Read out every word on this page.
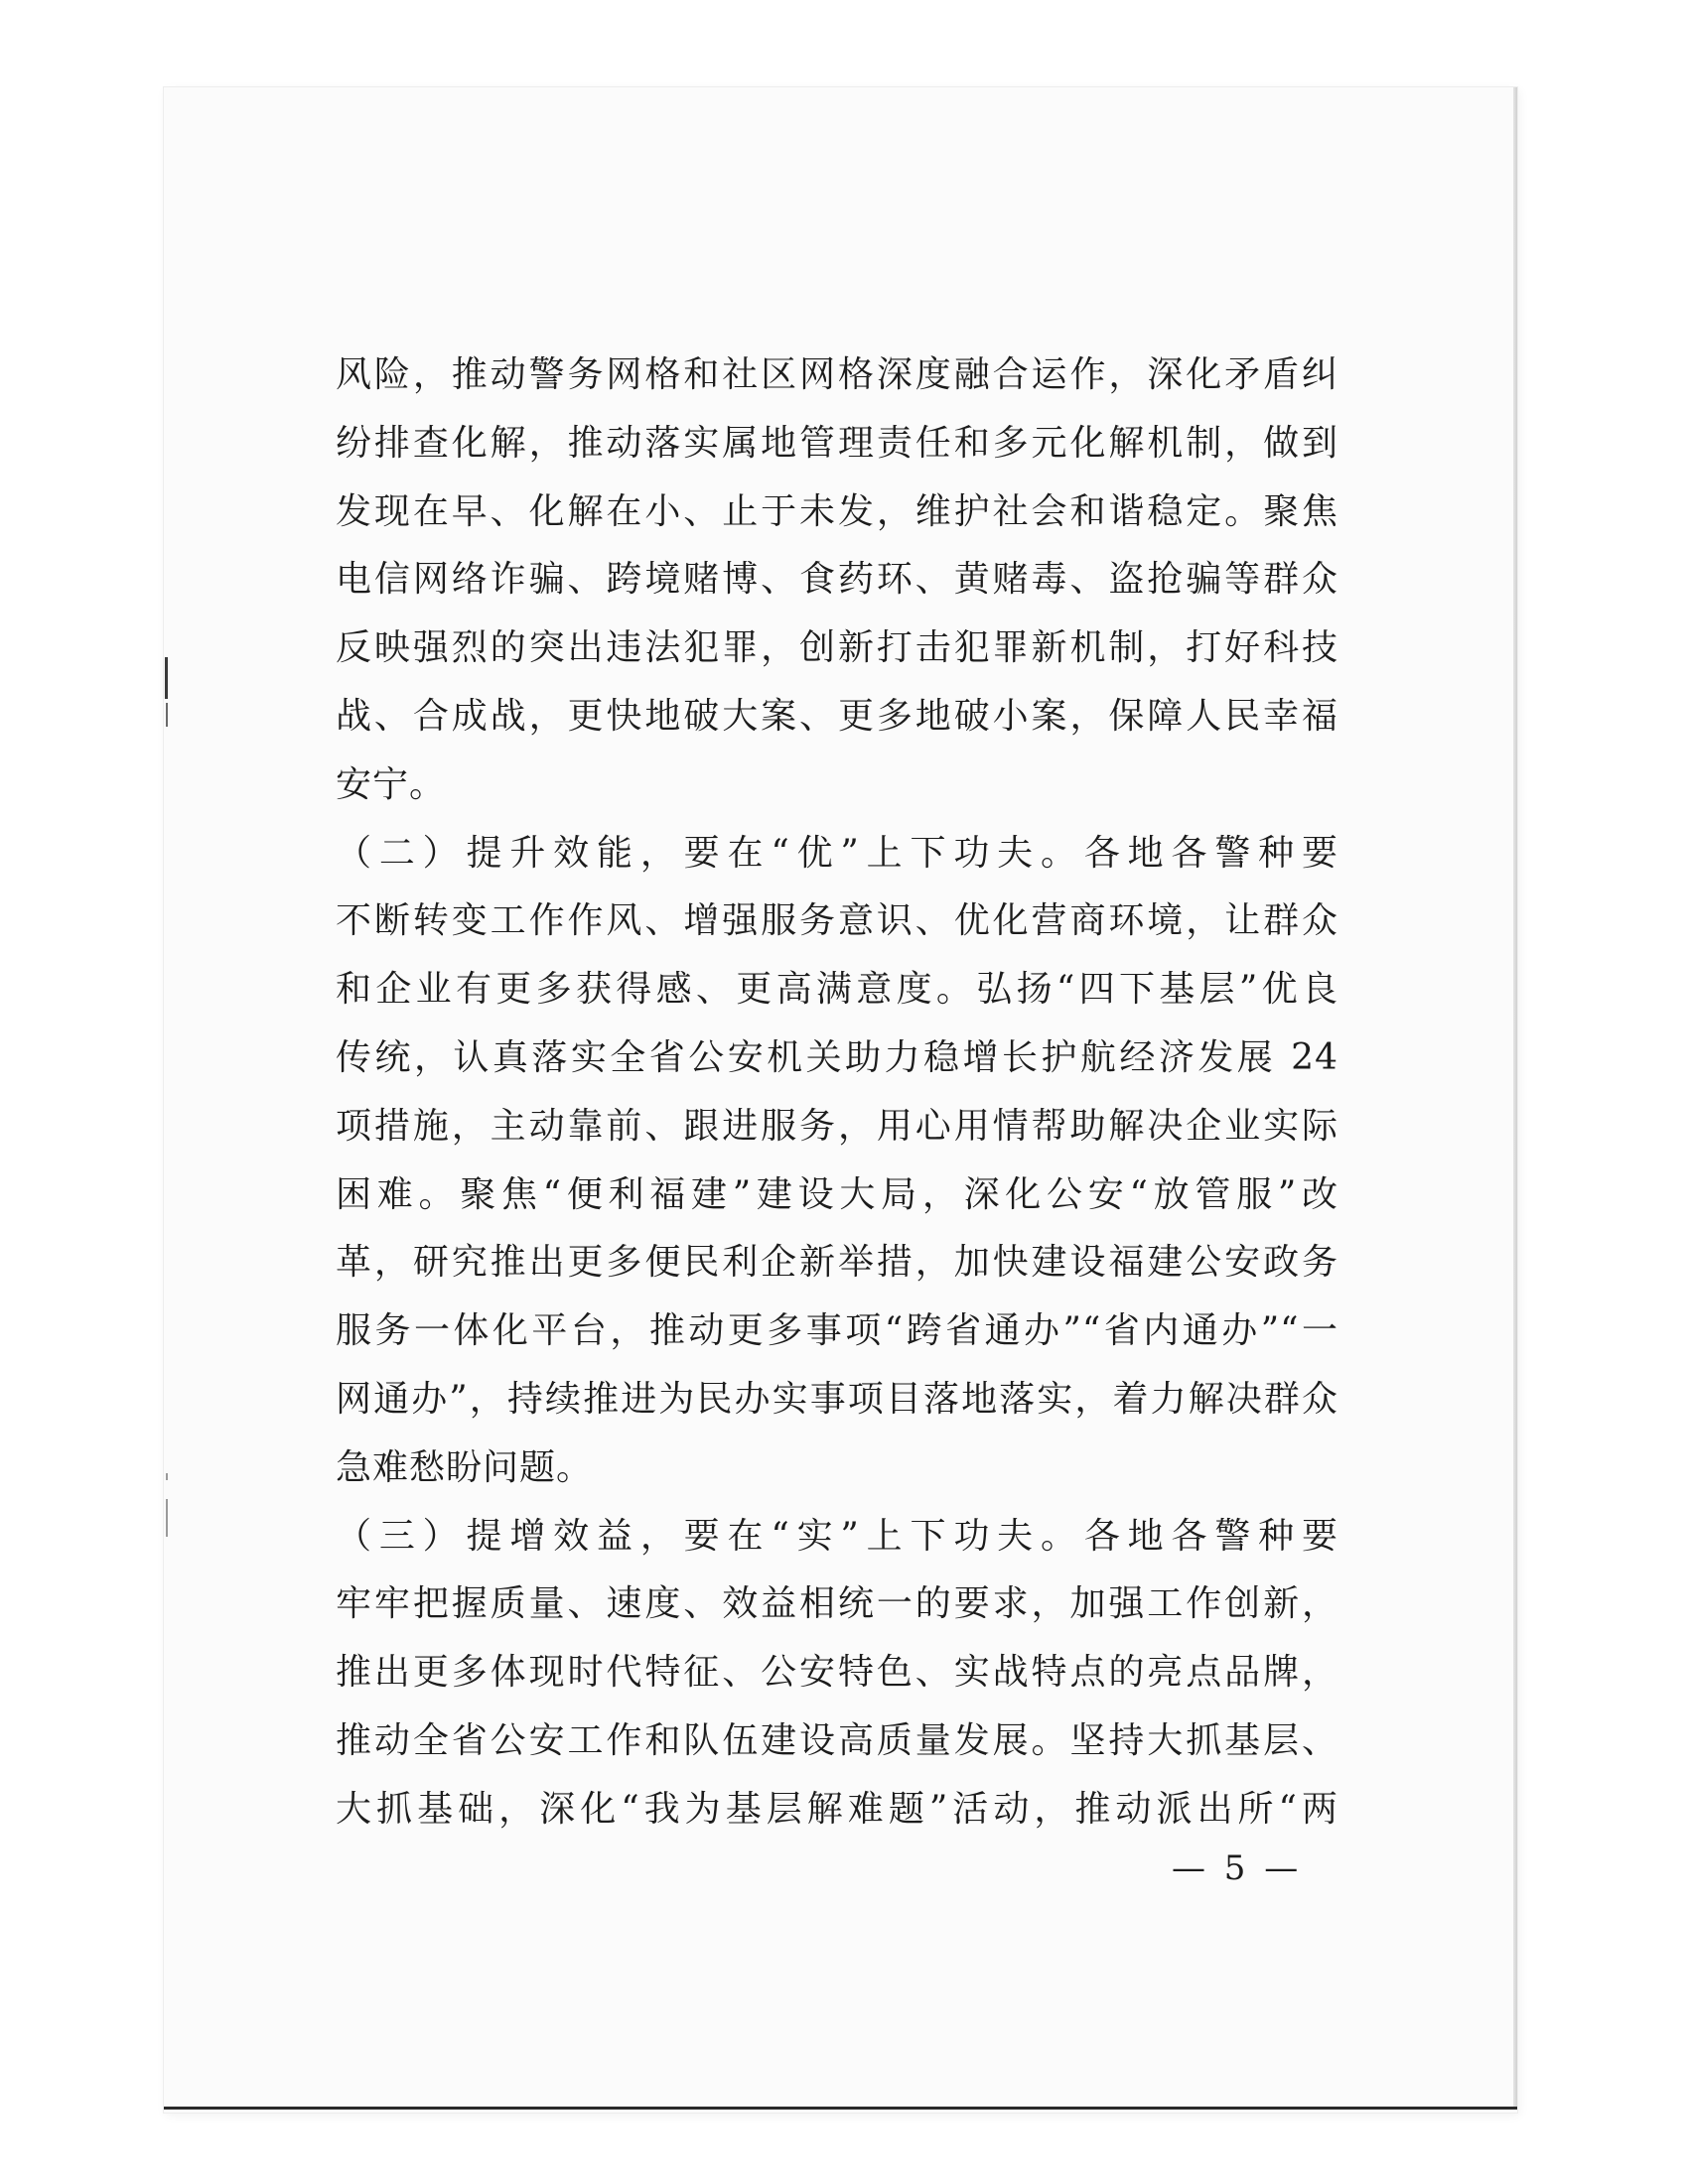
风险，推动警务网格和社区网格深度融合运作，深化矛盾纠
纷排查化解，推动落实属地管理责任和多元化解机制，做到
发现在早、化解在小、止于未发，维护社会和谐稳定。聚焦
电信网络诈骗、跨境赌博、食药环、黄赌毒、盗抢骗等群众
反映强烈的突出违法犯罪，创新打击犯罪新机制，打好科技
战、合成战，更快地破大案、更多地破小案，保障人民幸福
安宁。
（二）提升效能，要在“优”上下功夫。各地各警种要
不断转变工作作风、增强服务意识、优化营商环境，让群众
和企业有更多获得感、更高满意度。弘扬“四下基层”优良
传统，认真落实全省公安机关助力稳增长护航经济发展 24
项措施，主动靠前、跟进服务，用心用情帮助解决企业实际
困难。聚焦“便利福建”建设大局，深化公安“放管服”改
革，研究推出更多便民利企新举措，加快建设福建公安政务
服务一体化平台，推动更多事项“跨省通办”“省内通办”“一
网通办”，持续推进为民办实事项目落地落实，着力解决群众
急难愁盼问题。
（三）提增效益，要在“实”上下功夫。各地各警种要
牢牢把握质量、速度、效益相统一的要求，加强工作创新，
推出更多体现时代特征、公安特色、实战特点的亮点品牌，
推动全省公安工作和队伍建设高质量发展。坚持大抓基层、
大抓基础，深化“我为基层解难题”活动，推动派出所“两
— 5 —
